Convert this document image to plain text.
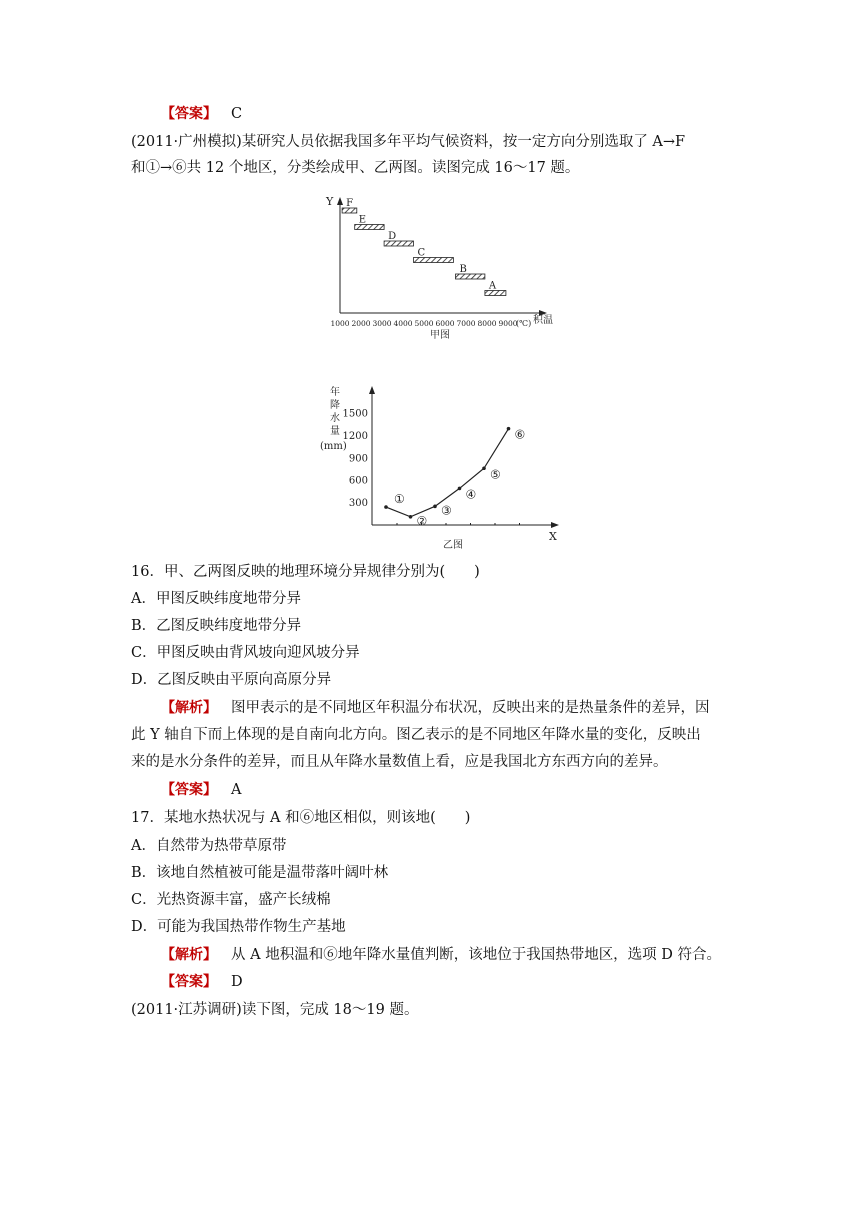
【答案】 C
(2011·广州模拟)某研究人员依据我国多年平均气候资料，按一定方向分别选取了 A→F
和①→⑥共 12 个地区，分类绘成甲、乙两图。读图完成 16～17 题。
Y
(℃) 积温
1000 2000 3000 4000 5000 6000 7000 8000 9000
F
E
D
C
B
A
甲图
年
降
水
量
(mm)
X
300
600
900
1200
1500
①
②
③
④
⑤
⑥
乙图
16．甲、乙两图反映的地理环境分异规律分别为(　　)
A．甲图反映纬度地带分异
B．乙图反映纬度地带分异
C．甲图反映由背风坡向迎风坡分异
D．乙图反映由平原向高原分异
【解析】 图甲表示的是不同地区年积温分布状况，反映出来的是热量条件的差异，因
此 Y 轴自下而上体现的是自南向北方向。图乙表示的是不同地区年降水量的变化，反映出
来的是水分条件的差异，而且从年降水量数值上看，应是我国北方东西方向的差异。
【答案】 A
17．某地水热状况与 A 和⑥地区相似，则该地(　　)
A．自然带为热带草原带
B．该地自然植被可能是温带落叶阔叶林
C．光热资源丰富，盛产长绒棉
D．可能为我国热带作物生产基地
【解析】 从 A 地积温和⑥地年降水量值判断，该地位于我国热带地区，选项 D 符合。
【答案】 D
(2011·江苏调研)读下图，完成 18～19 题。
